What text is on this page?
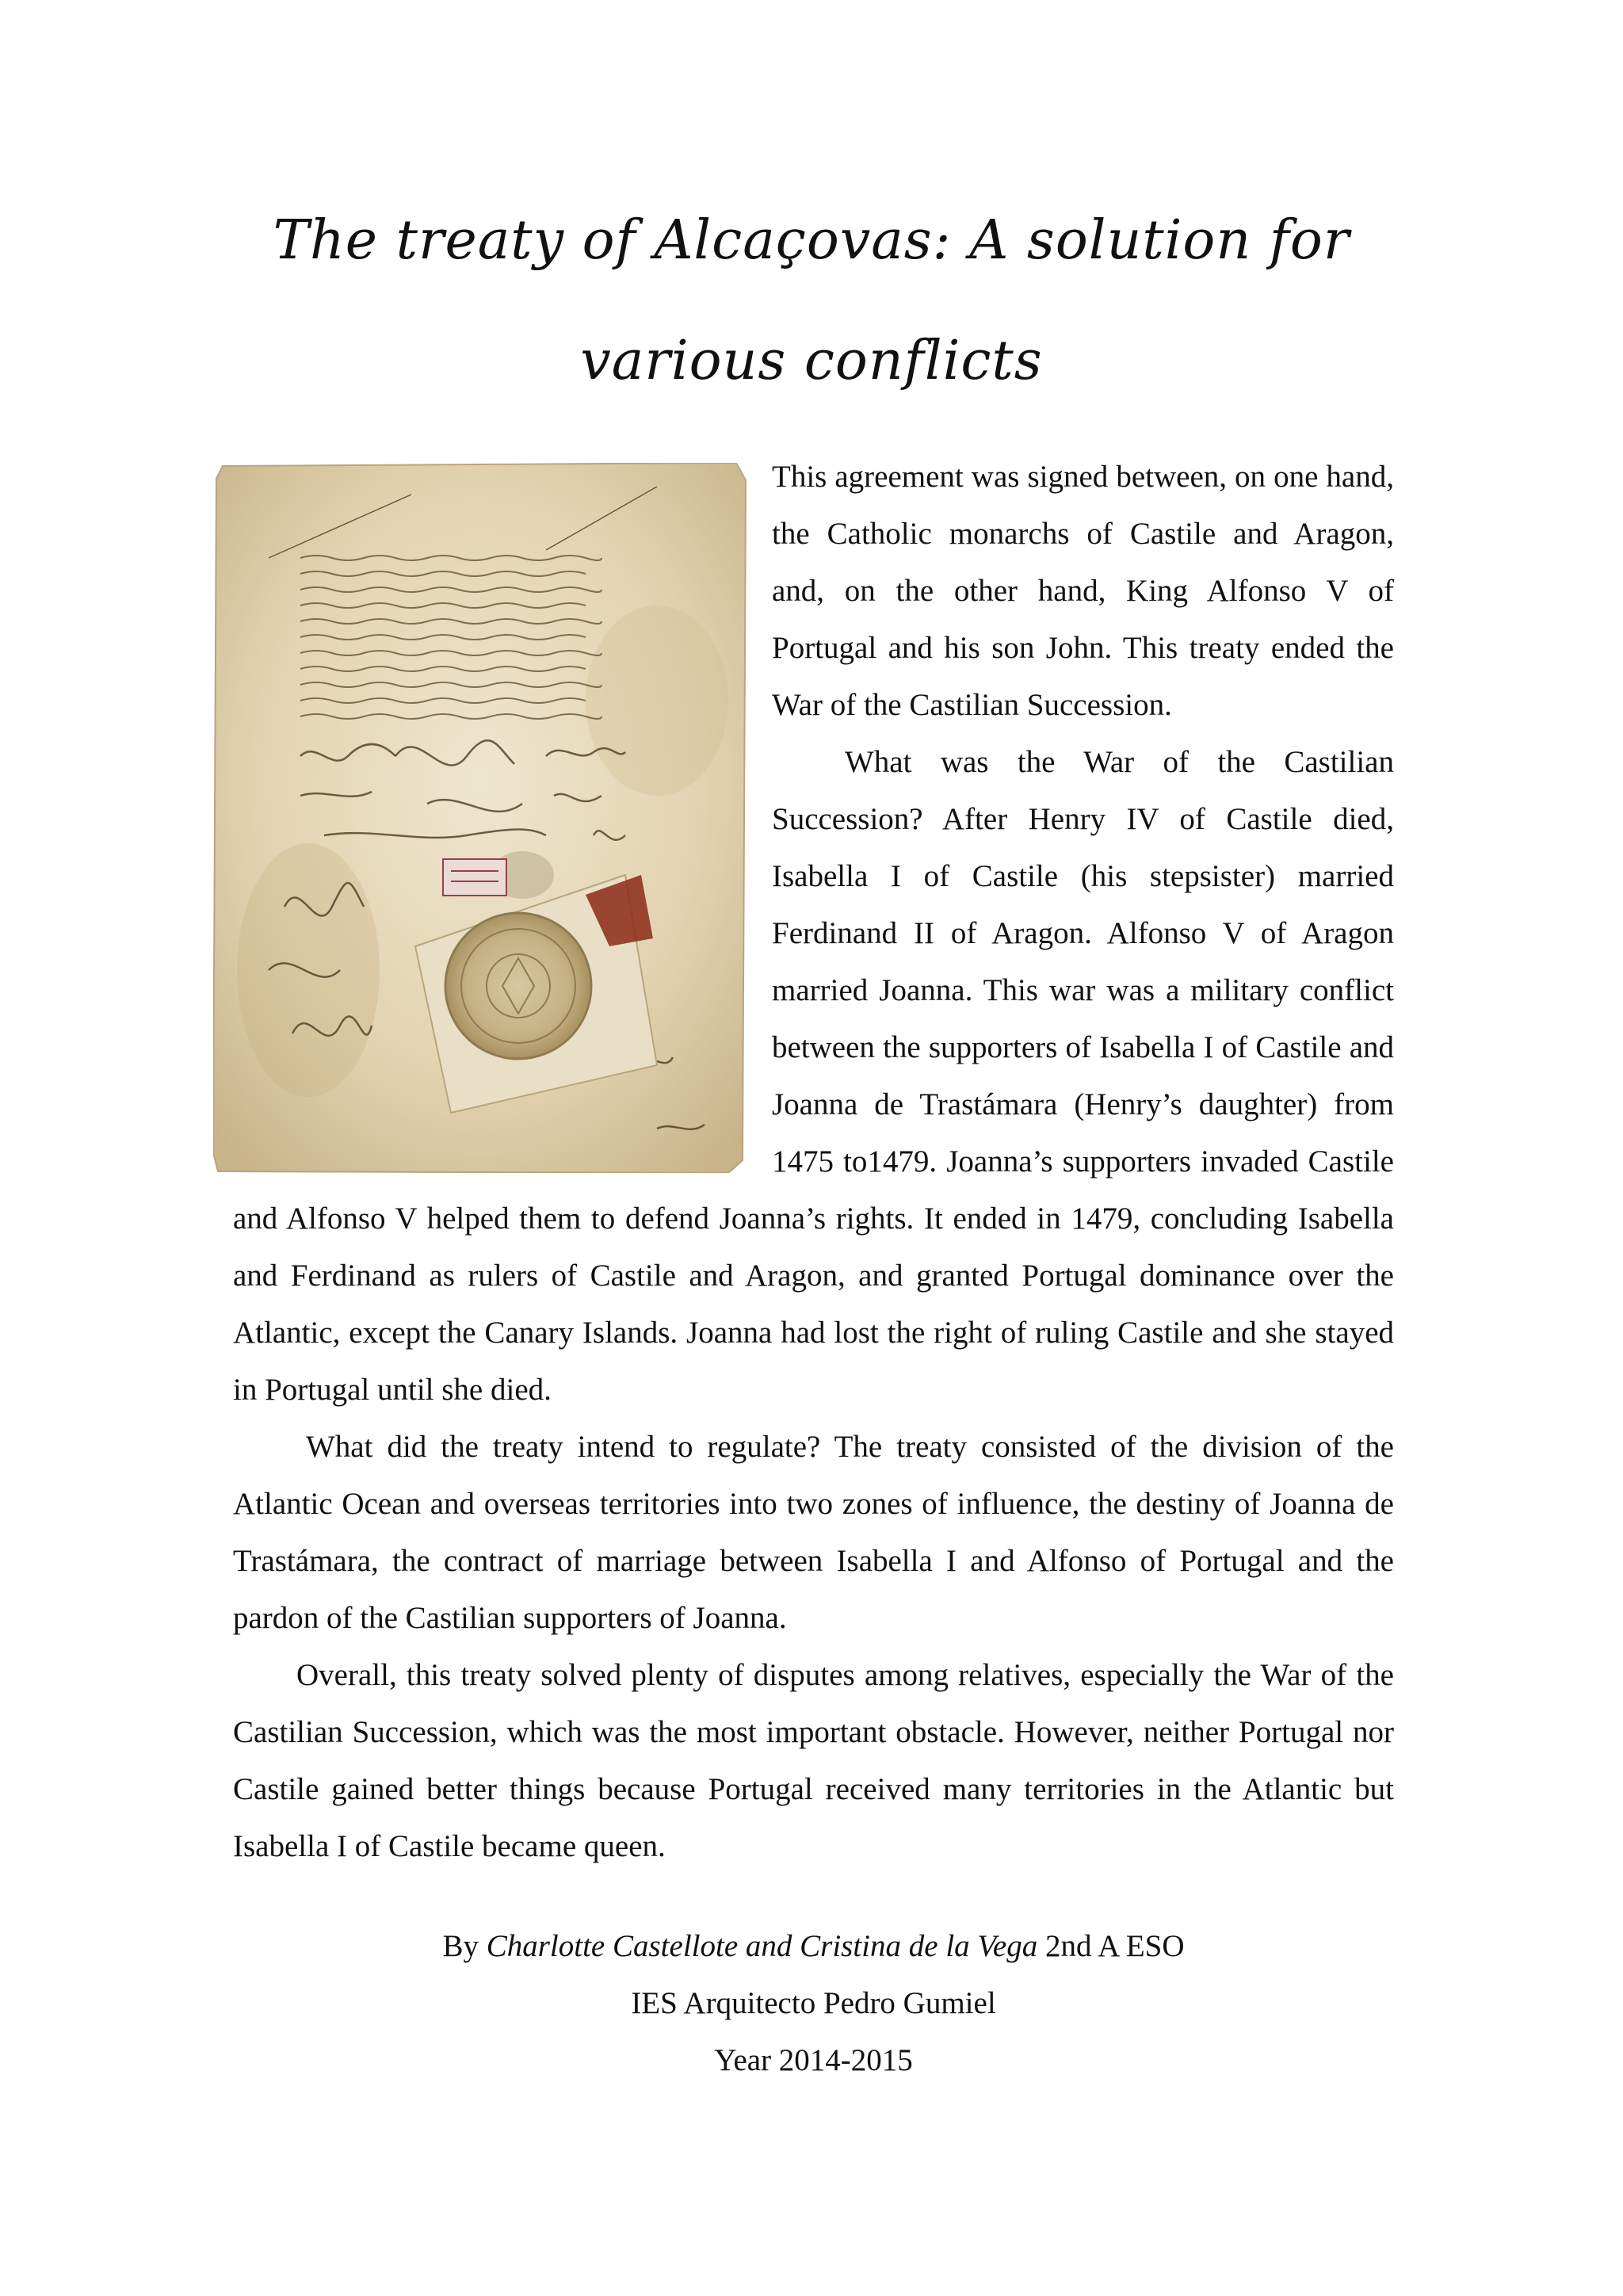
The treaty of Alcaçovas: A solution for various conflicts

This agreement was signed between, on one hand, the Catholic monarchs of Castile and Aragon, and, on the other hand, King Alfonso V of Portugal and his son John. This treaty ended the War of the Castilian Succession.

What was the War of the Castilian Succession? After Henry IV of Castile died, Isabella I of Castile (his stepsister) married Ferdinand II of Aragon. Alfonso V of Aragon married Joanna. This war was a military conflict between the supporters of Isabella I of Castile and Joanna de Trastámara (Henry’s daughter) from 1475 to1479. Joanna’s supporters invaded Castile and Alfonso V helped them to defend Joanna’s rights. It ended in 1479, concluding Isabella and Ferdinand as rulers of Castile and Aragon, and granted Portugal dominance over the Atlantic, except the Canary Islands. Joanna had lost the right of ruling Castile and she stayed in Portugal until she died.

What did the treaty intend to regulate? The treaty consisted of the division of the Atlantic Ocean and overseas territories into two zones of influence, the destiny of Joanna de Trastámara, the contract of marriage between Isabella I and Alfonso of Portugal and the pardon of the Castilian supporters of Joanna.

Overall, this treaty solved plenty of disputes among relatives, especially the War of the Castilian Succession, which was the most important obstacle. However, neither Portugal nor Castile gained better things because Portugal received many territories in the Atlantic but Isabella I of Castile became queen.

By Charlotte Castellote and Cristina de la Vega 2nd A ESO

IES Arquitecto Pedro Gumiel

Year 2014-2015
